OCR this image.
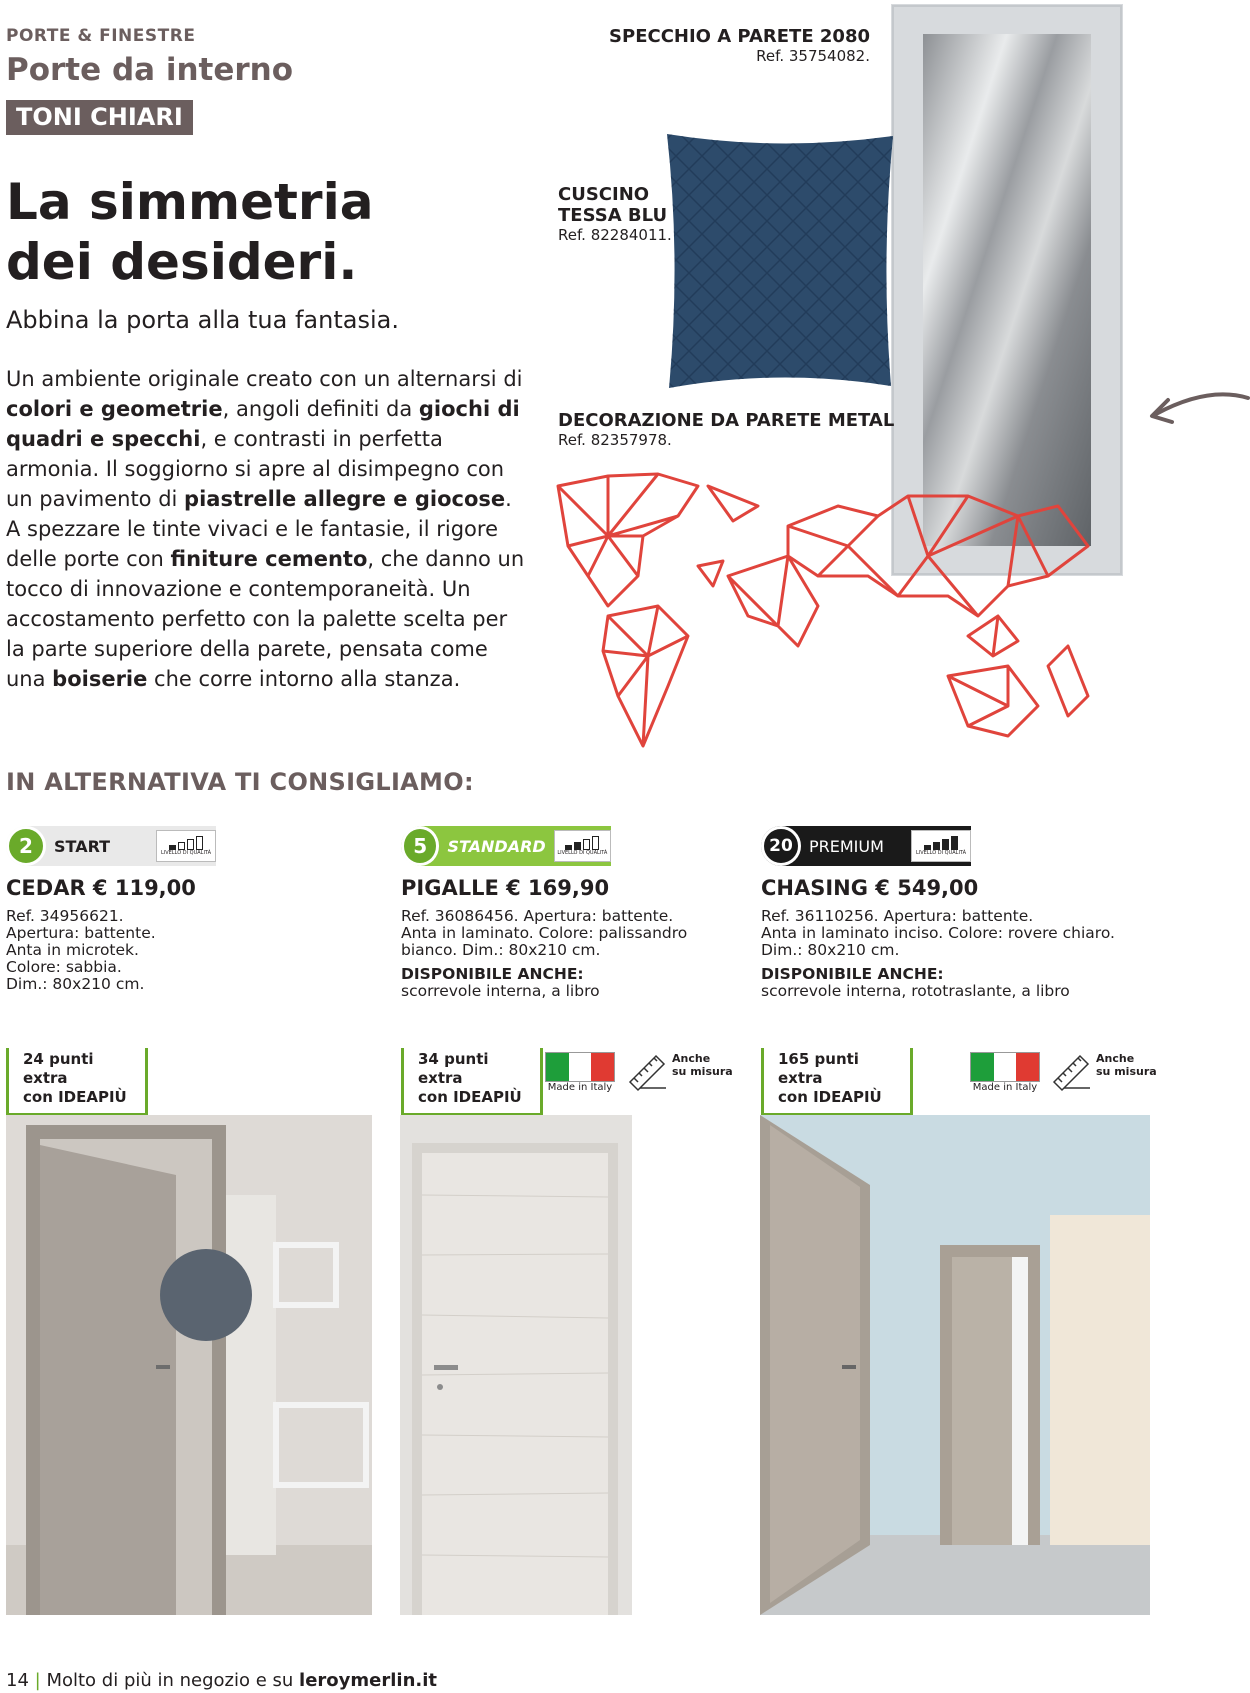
PORTE & FINESTRE
Porte da interno
TONI CHIARI
La simmetria
dei desideri.
Abbina la porta alla tua fantasia.
Un ambiente originale creato con un alternarsi di colori e geometrie, angoli definiti da giochi di quadri e specchi, e contrasti in perfetta armonia. Il soggiorno si apre al disimpegno con un pavimento di piastrelle allegre e giocose. A spezzare le tinte vivaci e le fantasie, il rigore delle porte con finiture cemento, che danno un tocco di innovazione e contemporaneità. Un accostamento perfetto con la palette scelta per la parte superiore della parete, pensata come una boiserie che corre intorno alla stanza.
SPECCHIO A PARETE 2080
Ref. 35754082.
CUSCINO
TESSA BLU
Ref. 82284011.
DECORAZIONE DA PARETE METAL
Ref. 82357978.
IN ALTERNATIVA TI CONSIGLIAMO:
2	START	LIVELLO DI QUALITÀ
CEDAR € 119,00
Ref. 34956621.
Apertura: battente.
Anta in microtek.
Colore: sabbia.
Dim.: 80x210 cm.
24 punti extra
con IDEAPIÙ
5	STANDARD	LIVELLO DI QUALITÀ
PIGALLE € 169,90
Ref. 36086456. Apertura: battente.
Anta in laminato. Colore: palissandro
bianco. Dim.: 80x210 cm.
DISPONIBILE ANCHE:
scorrevole interna, a libro
34 punti extra
con IDEAPIÙ
Made in Italy
Anche
su misura
20	PREMIUM	LIVELLO DI QUALITÀ
CHASING € 549,00
Ref. 36110256. Apertura: battente.
Anta in laminato inciso. Colore: rovere chiaro.
Dim.: 80x210 cm.
DISPONIBILE ANCHE:
scorrevole interna, rototraslante, a libro
165 punti extra
con IDEAPIÙ
Made in Italy
Anche
su misura
14 | Molto di più in negozio e su leroymerlin.it
